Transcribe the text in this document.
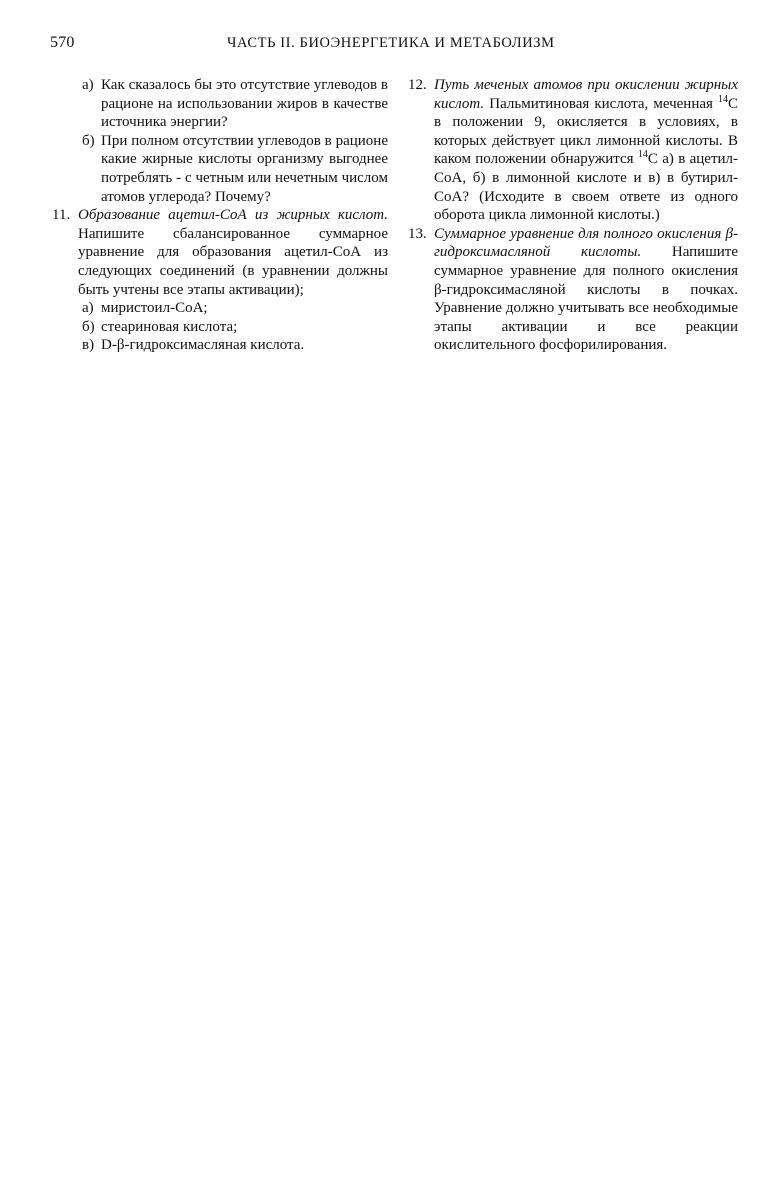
570	ЧАСТЬ II. БИОЭНЕРГЕТИКА И МЕТАБОЛИЗМ
а) Как сказалось бы это отсутствие углеводов в рационе на использовании жиров в качестве источника энергии?
б) При полном отсутствии углеводов в рационе какие жирные кислоты организму выгоднее потреблять - с четным или нечетным числом атомов углерода? Почему?
11. Образование ацетил-СоА из жирных кислот. Напишите сбалансированное суммарное уравнение для образования ацетил-СоА из следующих соединений (в уравнении должны быть учтены все этапы активации);
а) миристоил-СоА;
б) стеариновая кислота;
в) D-β-гидроксимасляная кислота.
12. Путь меченых атомов при окислении жирных кислот. Пальмитиновая кислота, меченная $^{14}$С в положении 9, окисляется в условиях, в которых действует цикл лимонной кислоты. В каком положении обнаружится $^{14}$С а) в ацетил-СоА, б) в лимонной кислоте и в) в бутирил-СоА? (Исходите в своем ответе из одного оборота цикла лимонной кислоты.)
13. Суммарное уравнение для полного окисления β-гидроксимасляной кислоты. Напишите суммарное уравнение для полного окисления β-гидроксимасляной кислоты в почках. Уравнение должно учитывать все необходимые этапы активации и все реакции окислительного фосфорилирования.
